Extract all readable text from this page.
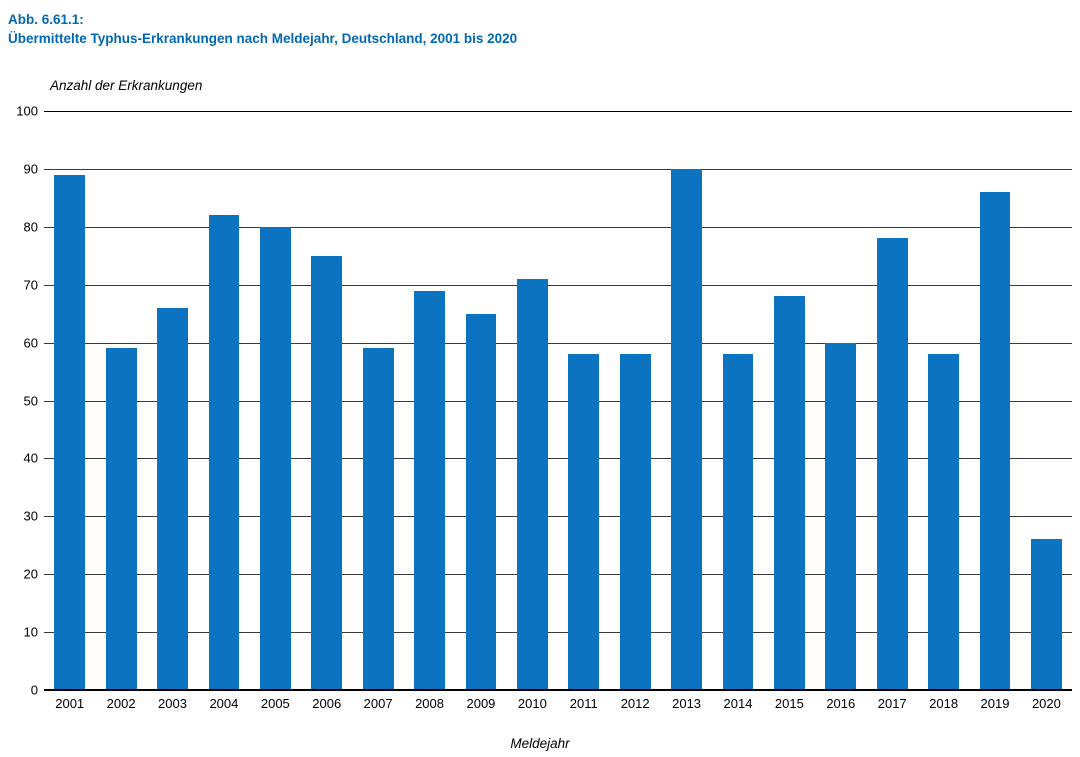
Abb. 6.61.1:
Übermittelte Typhus-Erkrankungen nach Meldejahr, Deutschland, 2001 bis 2020
Anzahl der Erkrankungen
0
10
20
30
40
50
60
70
80
90
100
2001	2002	2003	2004	2005	2006	2007	2008	2009	2010	2011	2012	2013	2014	2015	2016	2017	2018	2019	2020
Meldejahr
